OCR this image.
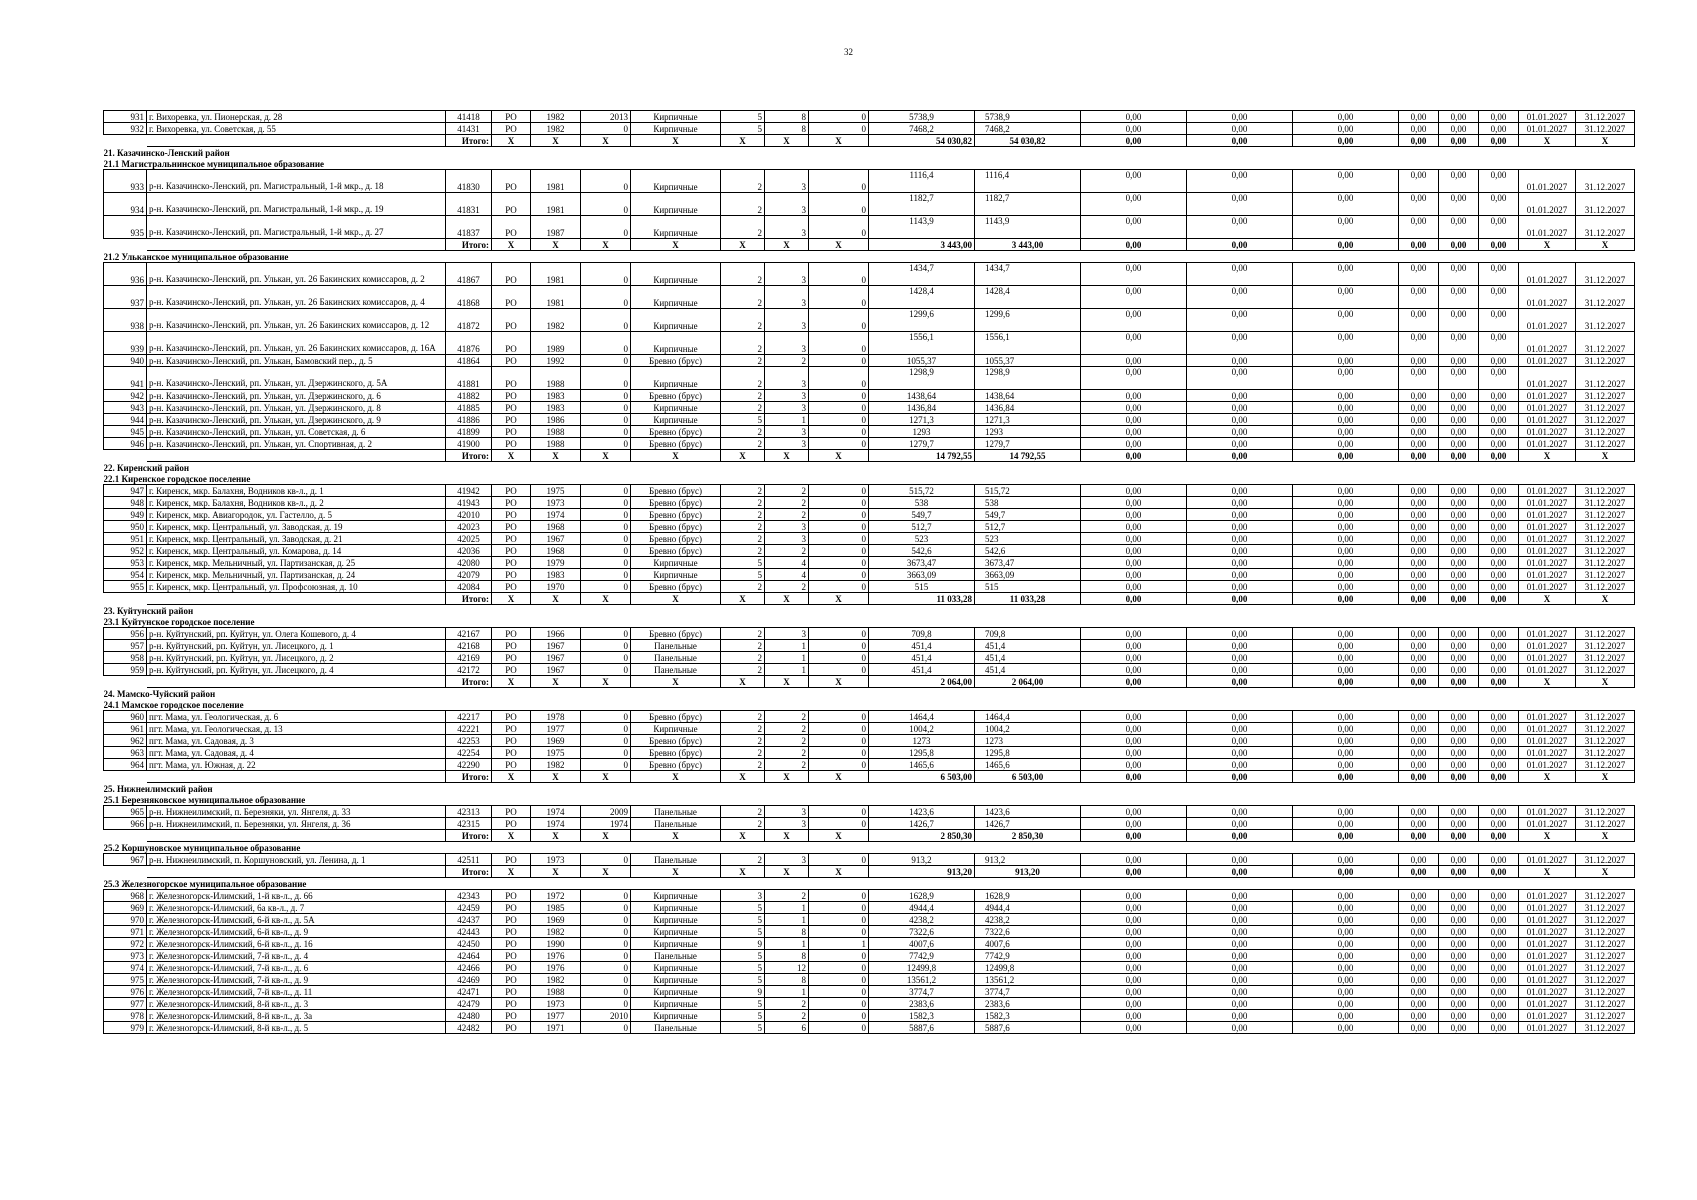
32
931	г. Вихоревка, ул. Пионерская, д. 28	41418	РО	1982	2013	Кирпичные	5	8	0	5738,9	5738,9	0,00	0,00	0,00	0,00	0,00	0,00	01.01.2027	31.12.2027
932	г. Вихоревка, ул. Советская, д. 55	41431	РО	1982	0	Кирпичные	5	8	0	7468,2	7468,2	0,00	0,00	0,00	0,00	0,00	0,00	01.01.2027	31.12.2027
		Итого:	Х	Х	Х	Х	Х	Х	Х	54 030,82	54 030,82	0,00	0,00	0,00	0,00	0,00	0,00	Х	Х
21. Казачинско-Ленский район																			
21.1 Магистральнинское муниципальное образование																			
933	р-н. Казачинско-Ленский, рп. Магистральный, 1-й мкр., д. 18	41830	РО	1981	0	Кирпичные	2	3	0	1116,4	1116,4	0,00	0,00	0,00	0,00	0,00	0,00	01.01.2027	31.12.2027
934	р-н. Казачинско-Ленский, рп. Магистральный, 1-й мкр., д. 19	41831	РО	1981	0	Кирпичные	2	3	0	1182,7	1182,7	0,00	0,00	0,00	0,00	0,00	0,00	01.01.2027	31.12.2027
935	р-н. Казачинско-Ленский, рп. Магистральный, 1-й мкр., д. 27	41837	РО	1987	0	Кирпичные	2	3	0	1143,9	1143,9	0,00	0,00	0,00	0,00	0,00	0,00	01.01.2027	31.12.2027
		Итого:	Х	Х	Х	Х	Х	Х	Х	3 443,00	3 443,00	0,00	0,00	0,00	0,00	0,00	0,00	Х	Х
21.2 Ульканское муниципальное образование																			
936	р-н. Казачинско-Ленский, рп. Улькан, ул. 26 Бакинских комиссаров, д. 2	41867	РО	1981	0	Кирпичные	2	3	0	1434,7	1434,7	0,00	0,00	0,00	0,00	0,00	0,00	01.01.2027	31.12.2027
937	р-н. Казачинско-Ленский, рп. Улькан, ул. 26 Бакинских комиссаров, д. 4	41868	РО	1981	0	Кирпичные	2	3	0	1428,4	1428,4	0,00	0,00	0,00	0,00	0,00	0,00	01.01.2027	31.12.2027
938	р-н. Казачинско-Ленский, рп. Улькан, ул. 26 Бакинских комиссаров, д. 12	41872	РО	1982	0	Кирпичные	2	3	0	1299,6	1299,6	0,00	0,00	0,00	0,00	0,00	0,00	01.01.2027	31.12.2027
939	р-н. Казачинско-Ленский, рп. Улькан, ул. 26 Бакинских комиссаров, д. 16А	41876	РО	1989	0	Кирпичные	2	3	0	1556,1	1556,1	0,00	0,00	0,00	0,00	0,00	0,00	01.01.2027	31.12.2027
940	р-н. Казачинско-Ленский, рп. Улькан, Бамовский пер., д. 5	41864	РО	1992	0	Бревно (брус)	2	2	0	1055,37	1055,37	0,00	0,00	0,00	0,00	0,00	0,00	01.01.2027	31.12.2027
941	р-н. Казачинско-Ленский, рп. Улькан, ул. Дзержинского, д. 5А	41881	РО	1988	0	Кирпичные	2	3	0	1298,9	1298,9	0,00	0,00	0,00	0,00	0,00	0,00	01.01.2027	31.12.2027
942	р-н. Казачинско-Ленский, рп. Улькан, ул. Дзержинского, д. 6	41882	РО	1983	0	Бревно (брус)	2	3	0	1438,64	1438,64	0,00	0,00	0,00	0,00	0,00	0,00	01.01.2027	31.12.2027
943	р-н. Казачинско-Ленский, рп. Улькан, ул. Дзержинского, д. 8	41885	РО	1983	0	Кирпичные	2	3	0	1436,84	1436,84	0,00	0,00	0,00	0,00	0,00	0,00	01.01.2027	31.12.2027
944	р-н. Казачинско-Ленский, рп. Улькан, ул. Дзержинского, д. 9	41886	РО	1986	0	Кирпичные	5	1	0	1271,3	1271,3	0,00	0,00	0,00	0,00	0,00	0,00	01.01.2027	31.12.2027
945	р-н. Казачинско-Ленский, рп. Улькан, ул. Советская, д. 6	41899	РО	1988	0	Бревно (брус)	2	3	0	1293	1293	0,00	0,00	0,00	0,00	0,00	0,00	01.01.2027	31.12.2027
946	р-н. Казачинско-Ленский, рп. Улькан, ул. Спортивная, д. 2	41900	РО	1988	0	Бревно (брус)	2	3	0	1279,7	1279,7	0,00	0,00	0,00	0,00	0,00	0,00	01.01.2027	31.12.2027
		Итого:	Х	Х	Х	Х	Х	Х	Х	14 792,55	14 792,55	0,00	0,00	0,00	0,00	0,00	0,00	Х	Х
22. Киренский район																			
22.1 Киренское городское поселение																			
947	г. Киренск, мкр. Балахня, Водников кв-л., д. 1	41942	РО	1975	0	Бревно (брус)	2	2	0	515,72	515,72	0,00	0,00	0,00	0,00	0,00	0,00	01.01.2027	31.12.2027
948	г. Киренск, мкр. Балахня, Водников кв-л., д. 2	41943	РО	1973	0	Бревно (брус)	2	2	0	538	538	0,00	0,00	0,00	0,00	0,00	0,00	01.01.2027	31.12.2027
949	г. Киренск, мкр. Авиагородок, ул. Гастелло, д. 5	42010	РО	1974	0	Бревно (брус)	2	2	0	549,7	549,7	0,00	0,00	0,00	0,00	0,00	0,00	01.01.2027	31.12.2027
950	г. Киренск, мкр. Центральный, ул. Заводская, д. 19	42023	РО	1968	0	Бревно (брус)	2	3	0	512,7	512,7	0,00	0,00	0,00	0,00	0,00	0,00	01.01.2027	31.12.2027
951	г. Киренск, мкр. Центральный, ул. Заводская, д. 21	42025	РО	1967	0	Бревно (брус)	2	3	0	523	523	0,00	0,00	0,00	0,00	0,00	0,00	01.01.2027	31.12.2027
952	г. Киренск, мкр. Центральный, ул. Комарова, д. 14	42036	РО	1968	0	Бревно (брус)	2	2	0	542,6	542,6	0,00	0,00	0,00	0,00	0,00	0,00	01.01.2027	31.12.2027
953	г. Киренск, мкр. Мельничный, ул. Партизанская, д. 25	42080	РО	1979	0	Кирпичные	5	4	0	3673,47	3673,47	0,00	0,00	0,00	0,00	0,00	0,00	01.01.2027	31.12.2027
954	г. Киренск, мкр. Мельничный, ул. Партизанская, д. 24	42079	РО	1983	0	Кирпичные	5	4	0	3663,09	3663,09	0,00	0,00	0,00	0,00	0,00	0,00	01.01.2027	31.12.2027
955	г. Киренск, мкр. Центральный, ул. Профсоюзная, д. 10	42084	РО	1970	0	Бревно (брус)	2	2	0	515	515	0,00	0,00	0,00	0,00	0,00	0,00	01.01.2027	31.12.2027
		Итого:	Х	Х	Х	Х	Х	Х	Х	11 033,28	11 033,28	0,00	0,00	0,00	0,00	0,00	0,00	Х	Х
23. Куйтунский район																			
23.1 Куйтунское городское поселение																			
956	р-н. Куйтунский, рп. Куйтун, ул. Олега Кошевого, д. 4	42167	РО	1966	0	Бревно (брус)	2	3	0	709,8	709,8	0,00	0,00	0,00	0,00	0,00	0,00	01.01.2027	31.12.2027
957	р-н. Куйтунский, рп. Куйтун, ул. Лисецкого, д. 1	42168	РО	1967	0	Панельные	2	1	0	451,4	451,4	0,00	0,00	0,00	0,00	0,00	0,00	01.01.2027	31.12.2027
958	р-н. Куйтунский, рп. Куйтун, ул. Лисецкого, д. 2	42169	РО	1967	0	Панельные	2	1	0	451,4	451,4	0,00	0,00	0,00	0,00	0,00	0,00	01.01.2027	31.12.2027
959	р-н. Куйтунский, рп. Куйтун, ул. Лисецкого, д. 4	42172	РО	1967	0	Панельные	2	1	0	451,4	451,4	0,00	0,00	0,00	0,00	0,00	0,00	01.01.2027	31.12.2027
		Итого:	Х	Х	Х	Х	Х	Х	Х	2 064,00	2 064,00	0,00	0,00	0,00	0,00	0,00	0,00	Х	Х
24. Мамско-Чуйский район																			
24.1 Мамское городское поселение																			
960	пгт. Мама, ул. Геологическая, д. 6	42217	РО	1978	0	Бревно (брус)	2	2	0	1464,4	1464,4	0,00	0,00	0,00	0,00	0,00	0,00	01.01.2027	31.12.2027
961	пгт. Мама, ул. Геологическая, д. 13	42221	РО	1977	0	Кирпичные	2	2	0	1004,2	1004,2	0,00	0,00	0,00	0,00	0,00	0,00	01.01.2027	31.12.2027
962	пгт. Мама, ул. Садовая, д. 3	42253	РО	1969	0	Бревно (брус)	2	2	0	1273	1273	0,00	0,00	0,00	0,00	0,00	0,00	01.01.2027	31.12.2027
963	пгт. Мама, ул. Садовая, д. 4	42254	РО	1975	0	Бревно (брус)	2	2	0	1295,8	1295,8	0,00	0,00	0,00	0,00	0,00	0,00	01.01.2027	31.12.2027
964	пгт. Мама, ул. Южная, д. 22	42290	РО	1982	0	Бревно (брус)	2	2	0	1465,6	1465,6	0,00	0,00	0,00	0,00	0,00	0,00	01.01.2027	31.12.2027
		Итого:	Х	Х	Х	Х	Х	Х	Х	6 503,00	6 503,00	0,00	0,00	0,00	0,00	0,00	0,00	Х	Х
25. Нижнеилимский район																			
25.1 Березняковское муниципальное образование																			
965	р-н. Нижнеилимский, п. Березняки, ул. Янгеля, д. 33	42313	РО	1974	2009	Панельные	2	3	0	1423,6	1423,6	0,00	0,00	0,00	0,00	0,00	0,00	01.01.2027	31.12.2027
966	р-н. Нижнеилимский, п. Березняки, ул. Янгеля, д. 36	42315	РО	1974	1974	Панельные	2	3	0	1426,7	1426,7	0,00	0,00	0,00	0,00	0,00	0,00	01.01.2027	31.12.2027
		Итого:	Х	Х	Х	Х	Х	Х	Х	2 850,30	2 850,30	0,00	0,00	0,00	0,00	0,00	0,00	Х	Х
25.2 Коршуновское муниципальное образование																			
967	р-н. Нижнеилимский, п. Коршуновский, ул. Ленина, д. 1	42511	РО	1973	0	Панельные	2	3	0	913,2	913,2	0,00	0,00	0,00	0,00	0,00	0,00	01.01.2027	31.12.2027
		Итого:	Х	Х	Х	Х	Х	Х	Х	913,20	913,20	0,00	0,00	0,00	0,00	0,00	0,00	Х	Х
25.3 Железногорское муниципальное образование																			
968	г. Железногорск-Илимский, 1-й кв-л., д. 66	42343	РО	1972	0	Кирпичные	3	2	0	1628,9	1628,9	0,00	0,00	0,00	0,00	0,00	0,00	01.01.2027	31.12.2027
969	г. Железногорск-Илимский, 6а кв-л., д. 7	42459	РО	1985	0	Кирпичные	5	1	0	4944,4	4944,4	0,00	0,00	0,00	0,00	0,00	0,00	01.01.2027	31.12.2027
970	г. Железногорск-Илимский, 6-й кв-л., д. 5А	42437	РО	1969	0	Кирпичные	5	1	0	4238,2	4238,2	0,00	0,00	0,00	0,00	0,00	0,00	01.01.2027	31.12.2027
971	г. Железногорск-Илимский, 6-й кв-л., д. 9	42443	РО	1982	0	Кирпичные	5	8	0	7322,6	7322,6	0,00	0,00	0,00	0,00	0,00	0,00	01.01.2027	31.12.2027
972	г. Железногорск-Илимский, 6-й кв-л., д. 16	42450	РО	1990	0	Кирпичные	9	1	1	4007,6	4007,6	0,00	0,00	0,00	0,00	0,00	0,00	01.01.2027	31.12.2027
973	г. Железногорск-Илимский, 7-й кв-л., д. 4	42464	РО	1976	0	Панельные	5	8	0	7742,9	7742,9	0,00	0,00	0,00	0,00	0,00	0,00	01.01.2027	31.12.2027
974	г. Железногорск-Илимский, 7-й кв-л., д. 6	42466	РО	1976	0	Кирпичные	5	12	0	12499,8	12499,8	0,00	0,00	0,00	0,00	0,00	0,00	01.01.2027	31.12.2027
975	г. Железногорск-Илимский, 7-й кв-л., д. 9	42469	РО	1982	0	Кирпичные	5	8	0	13561,2	13561,2	0,00	0,00	0,00	0,00	0,00	0,00	01.01.2027	31.12.2027
976	г. Железногорск-Илимский, 7-й кв-л., д. 11	42471	РО	1988	0	Кирпичные	9	1	0	3774,7	3774,7	0,00	0,00	0,00	0,00	0,00	0,00	01.01.2027	31.12.2027
977	г. Железногорск-Илимский, 8-й кв-л., д. 3	42479	РО	1973	0	Кирпичные	5	2	0	2383,6	2383,6	0,00	0,00	0,00	0,00	0,00	0,00	01.01.2027	31.12.2027
978	г. Железногорск-Илимский, 8-й кв-л., д. 3а	42480	РО	1977	2010	Кирпичные	5	2	0	1582,3	1582,3	0,00	0,00	0,00	0,00	0,00	0,00	01.01.2027	31.12.2027
979	г. Железногорск-Илимский, 8-й кв-л., д. 5	42482	РО	1971	0	Панельные	5	6	0	5887,6	5887,6	0,00	0,00	0,00	0,00	0,00	0,00	01.01.2027	31.12.2027
